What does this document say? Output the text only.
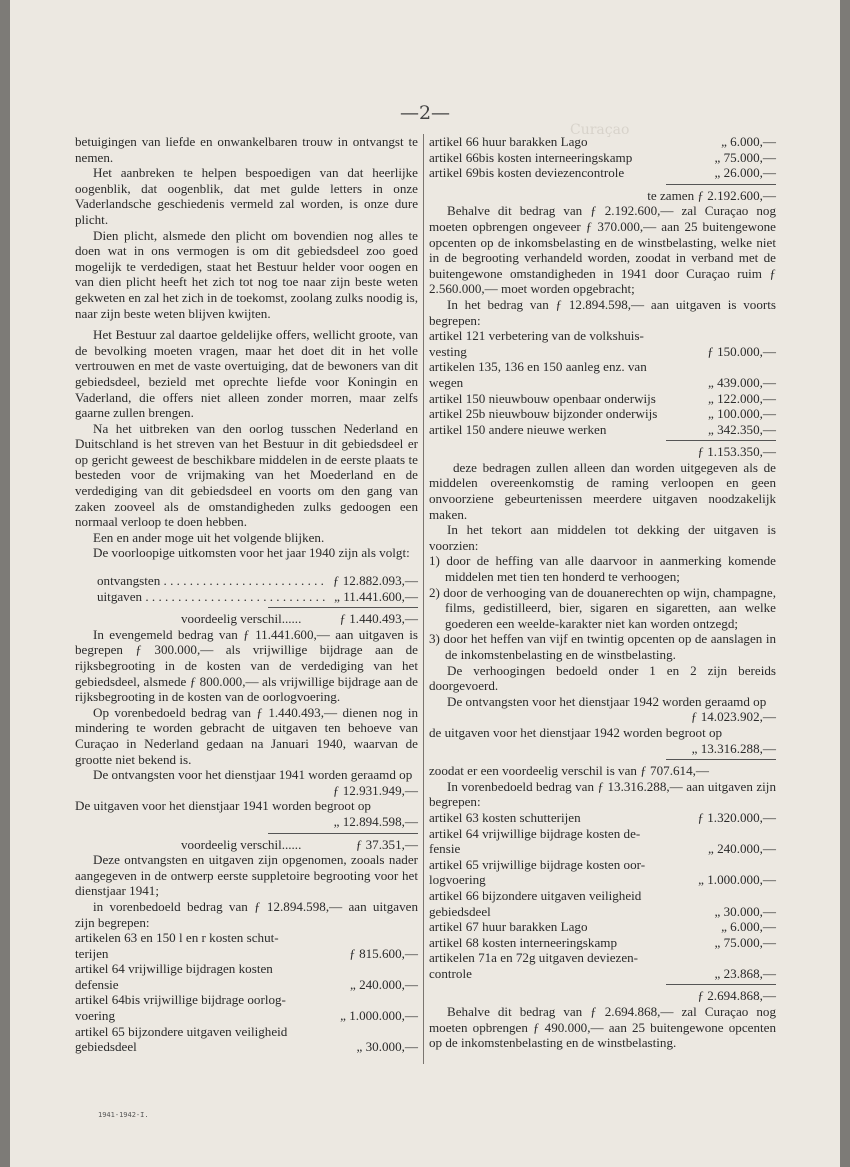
Curaçao
—2—

betuigingen van liefde en onwankelbaren trouw in ontvangst te nemen.

Het aanbreken te helpen bespoedigen van dat heerlijke oogenblik, dat oogenblik, dat met gulde letters in onze Vaderlandsche geschiedenis vermeld zal worden, is onze dure plicht.

Dien plicht, alsmede den plicht om bovendien nog alles te doen wat in ons vermogen is om dit gebiedsdeel zoo goed mogelijk te verdedigen, staat het Bestuur helder voor oogen en van dien plicht heeft het zich tot nog toe naar zijn beste weten gekweten en zal het zich in de toekomst, zoolang zulks noodig is, naar zijn beste weten blijven kwijten.

Het Bestuur zal daartoe geldelijke offers, wellicht groote, van de bevolking moeten vragen, maar het doet dit in het volle vertrouwen en met de vaste overtuiging, dat de bewoners van dit gebiedsdeel, bezield met oprechte liefde voor Koningin en Vaderland, die offers niet alleen zonder morren, maar zelfs gaarne zullen brengen.

Na het uitbreken van den oorlog tusschen Nederland en Duitschland is het streven van het Bestuur in dit gebiedsdeel er op gericht geweest de beschikbare middelen in de eerste plaats te besteden voor de vrijmaking van het Moederland en de verdediging van dit gebiedsdeel en voorts om den gang van zaken zooveel als de omstandigheden zulks gedoogen een normaal verloop te doen hebben.

Een en ander moge uit het volgende blijken.

De voorloopige uitkomsten voor het jaar 1940 zijn als volgt:

ontvangsten . . .	ƒ 12.882.093,—
uitgaven . . .	„ 11.441.600,—
voordeelig verschil......	ƒ 1.440.493,—

In evengemeld bedrag van ƒ 11.441.600,— aan uitgaven is begrepen ƒ 300.000,— als vrijwillige bijdrage aan de rijksbegrooting in de kosten van de verdediging van het gebiedsdeel, alsmede ƒ 800.000,— als vrijwillige bijdrage aan de rijksbegrooting in de kosten van de oorlogvoering.

Op vorenbedoeld bedrag van ƒ 1.440.493,— dienen nog in mindering te worden gebracht de uitgaven ten behoeve van Curaçao in Nederland gedaan na Januari 1940, waarvan de grootte niet bekend is.

De ontvangsten voor het dienstjaar 1941 worden geraamd op

ƒ 12.931.949,—

De uitgaven voor het dienstjaar 1941 worden begroot op

„ 12.894.598,—
voordeelig verschil......	ƒ 37.351,—

Deze ontvangsten en uitgaven zijn opgenomen, zooals nader aangegeven in de ontwerp eerste suppletoire begrooting voor het dienstjaar 1941;

in vorenbedoeld bedrag van ƒ 12.894.598,— aan uitgaven zijn begrepen:

artikelen 63 en 150 l en r kosten schut-
terijen	ƒ 815.600,—
artikel 64 vrijwillige bijdragen kosten
defensie	„ 240.000,—
artikel 64bis vrijwillige bijdrage oorlog-
voering	„ 1.000.000,—
artikel 65 bijzondere uitgaven veiligheid
gebiedsdeel	„ 30.000,—
artikel 66 huur barakken Lago	„ 6.000,—
artikel 66bis kosten interneeringskamp	„ 75.000,—
artikel 69bis kosten deviezencontrole	„ 26.000,—
te zamen ƒ 2.192.600,—

Behalve dit bedrag van ƒ 2.192.600,— zal Curaçao nog moeten opbrengen ongeveer ƒ 370.000,— aan 25 buitengewone opcenten op de inkomsbelasting en de winstbelasting, welke niet in de begrooting verhandeld worden, zoodat in verband met de buitengewone omstandigheden in 1941 door Curaçao ruim ƒ 2.560.000,— moet worden opgebracht;

In het bedrag van ƒ 12.894.598,— aan uitgaven is voorts begrepen:

artikel 121 verbetering van de volkshuis-
vesting	ƒ 150.000,—
artikelen 135, 136 en 150 aanleg enz. van
wegen	„ 439.000,—
artikel 150 nieuwbouw openbaar onderwijs	„ 122.000,—
artikel 25b nieuwbouw bijzonder onderwijs	„ 100.000,—
artikel 150 andere nieuwe werken	„ 342.350,—
ƒ 1.153.350,—

deze bedragen zullen alleen dan worden uitgegeven als de middelen overeenkomstig de raming verloopen en geen onvoorziene gebeurtenissen meerdere uitgaven noodzakelijk maken.

In het tekort aan middelen tot dekking der uitgaven is voorzien:

1) door de heffing van alle daarvoor in aanmerking komende middelen met tien ten honderd te verhoogen;
2) door de verhooging van de douanerechten op wijn, champagne, films, gedistilleerd, bier, sigaren en sigaretten, aan welke goederen een weelde-karakter niet kan worden ontzegd;
3) door het heffen van vijf en twintig opcenten op de aanslagen in de inkomstenbelasting en de winstbelasting.

De verhoogingen bedoeld onder 1 en 2 zijn bereids doorgevoerd.

De ontvangsten voor het dienstjaar 1942 worden geraamd op

ƒ 14.023.902,—

de uitgaven voor het dienstjaar 1942 worden begroot op

„ 13.316.288,—
zoodat er een voordeelig verschil is van ƒ 707.614,—

In vorenbedoeld bedrag van ƒ 13.316.288,— aan uitgaven zijn begrepen:

artikel 63 kosten schutterijen	ƒ 1.320.000,—
artikel 64 vrijwillige bijdrage kosten de-
fensie	„ 240.000,—
artikel 65 vrijwillige bijdrage kosten oor-
logvoering	„ 1.000.000,—
artikel 66 bijzondere uitgaven veiligheid
gebiedsdeel	„ 30.000,—
artikel 67 huur barakken Lago	„ 6.000,—
artikel 68 kosten interneeringskamp	„ 75.000,—
artikelen 71a en 72g uitgaven deviezen-
controle	„ 23.868,—
ƒ 2.694.868,—

Behalve dit bedrag van ƒ 2.694.868,— zal Curaçao nog moeten opbrengen ƒ 490.000,— aan 25 buitengewone opcenten op de inkomstenbelasting en de winstbelasting.

1941-1942-I.
